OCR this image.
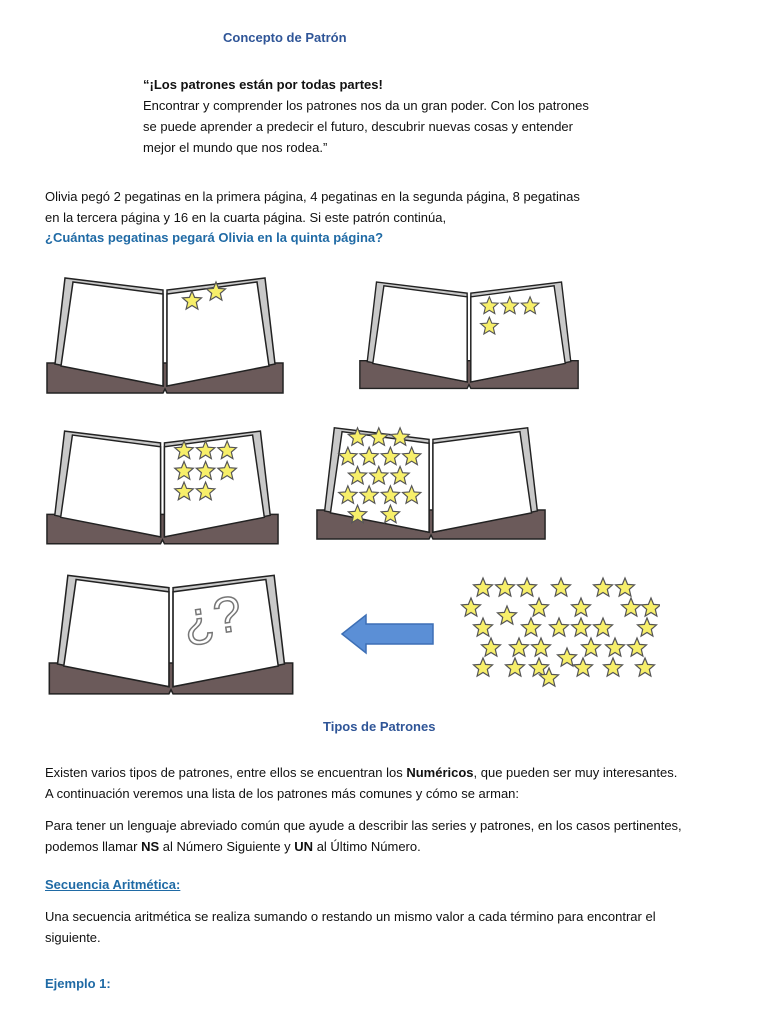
Concepto de Patrón
“¡Los patrones están por todas partes!
Encontrar y comprender los patrones nos da un gran poder. Con los patrones
se puede aprender a predecir el futuro, descubrir nuevas cosas y entender
mejor el mundo que nos rodea.”
Olivia pegó 2 pegatinas en la primera página, 4 pegatinas en la segunda página, 8 pegatinas
en la tercera página y 16 en la cuarta página. Si este patrón continúa,
¿Cuántas pegatinas pegará Olivia en la quinta página?
¿?
Tipos de Patrones
Existen varios tipos de patrones, entre ellos se encuentran los Numéricos, que pueden ser muy interesantes.
A continuación veremos una lista de los patrones más comunes y cómo se arman:
Para tener un lenguaje abreviado común que ayude a describir las series y patrones, en los casos pertinentes,
podemos llamar NS al Número Siguiente y UN al Último Número.
Secuencia Aritmética:
Una secuencia aritmética se realiza sumando o restando un mismo valor a cada término para encontrar el
siguiente.
Ejemplo 1:
